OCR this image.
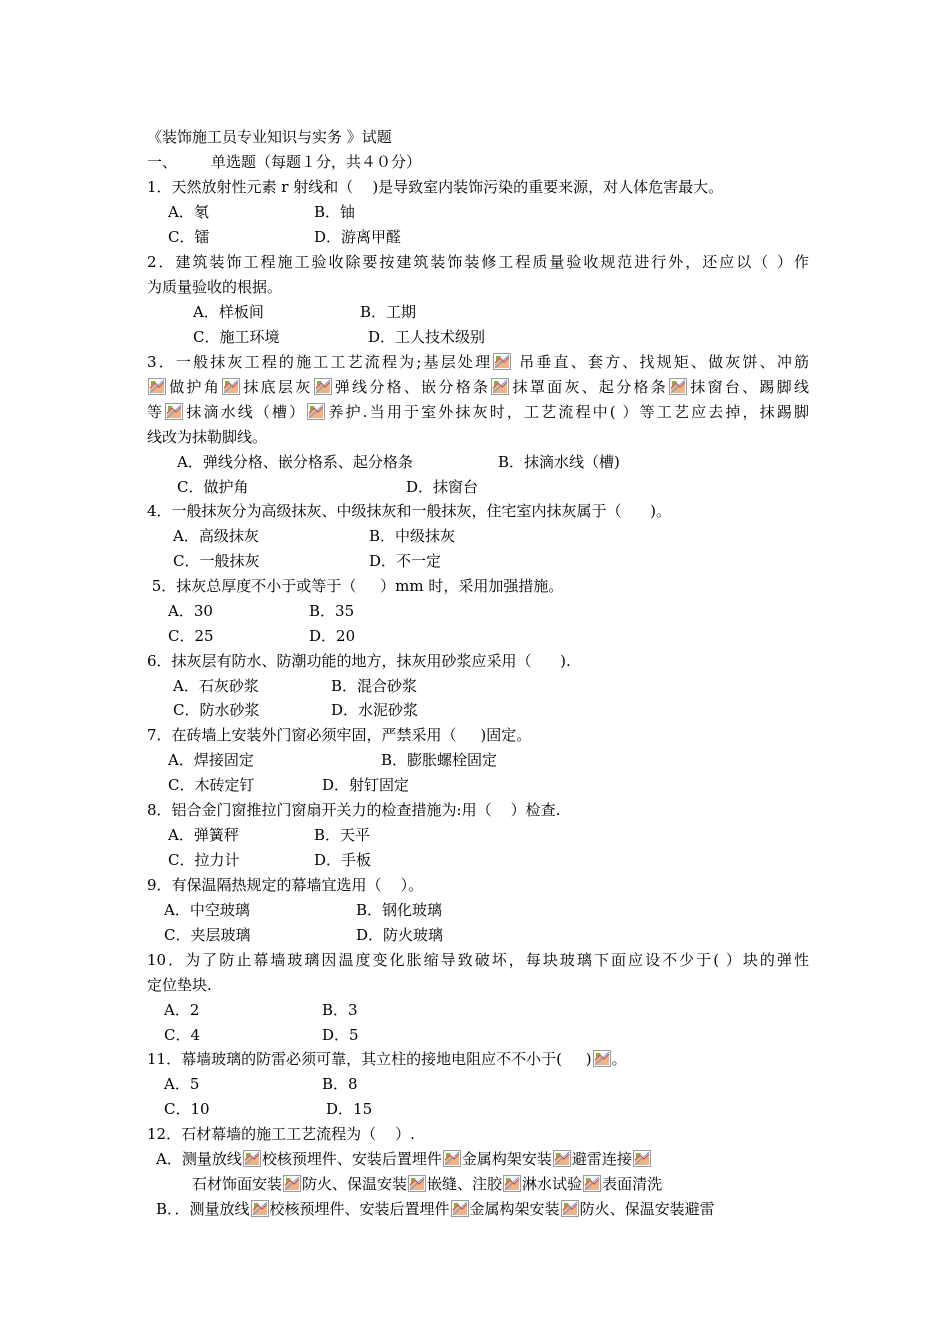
《装饰施工员专业知识与实务 》试题
一、 单选题（每题１分，共４０分）
1．天然放射性元素 r 射线和（    )是导致室内装饰污染的重要来源，对人体危害最大。
A．氡	B．铀
C．镭	D．游离甲醛
2．建筑装饰工程施工验收除要按建筑装饰装修工程质量验收规范进行外，还应以（ ）作
为质量验收的根据。
A．样板间	B．工期
C．施工环境	D．工人技术级别
3．一般抹灰工程的施工工艺流程为;基层处理
吊垂直、套方、找规矩、做灰饼、冲筋
做护角 抹底层灰 弹线分格、嵌分格条 抹罩面灰、起分格条 抹窗台、踢脚线
等 抹滴水线（槽） 养护.当用于室外抹灰时，工艺流程中( ）等工艺应去掉，抹踢脚
线改为抹勒脚线。
A．弹线分格、嵌分格系、起分格条	B．抹滴水线（槽)
C．做护角	D．抹窗台
4．一般抹灰分为高级抹灰、中级抹灰和一般抹灰，住宅室内抹灰属于（      )。
A．高级抹灰	B．中级抹灰
C．一般抹灰	D．不一定
5．抹灰总厚度不小于或等于（     ）mm 时，采用加强措施。
A．30	B．35
C．25	D．20
6．抹灰层有防水、防潮功能的地方，抹灰用砂浆应采用（      ).
A．石灰砂浆	B．混合砂浆
C．防水砂浆	D．水泥砂浆
7．在砖墙上安装外门窗必须牢固，严禁采用（     )固定。
A．焊接固定	B．膨胀螺栓固定
C．木砖定钉	D．射钉固定
8．铝合金门窗推拉门窗扇开关力的检查措施为:用（    ）检查.
A．弹簧秤	B．天平
C．拉力计	D．手板
9．有保温隔热规定的幕墙宜选用（    ）。
A．中空玻璃	B．钢化玻璃
C．夹层玻璃	D．防火玻璃
10．为了防止幕墙玻璃因温度变化胀缩导致破坏，每块玻璃下面应设不少于( ）块的弹性
定位垫块.
A．2	B．3
C．4	D．5
11．幕墙玻璃的防雷必须可靠，其立柱的接地电阻应不不小于(     ) 。
A．5	B．8
C．10	D．15
12．石材幕墙的施工工艺流程为（    ）.
A．测量放线 校核预埋件、安装后置埋件 金属构架安装 避雷连接
石材饰面安装 防火、保温安装 嵌缝、注胶 淋水试验 表面清洗
B．．测量放线 校核预埋件、安装后置埋件 金属构架安装 防火、保温安装避雷
